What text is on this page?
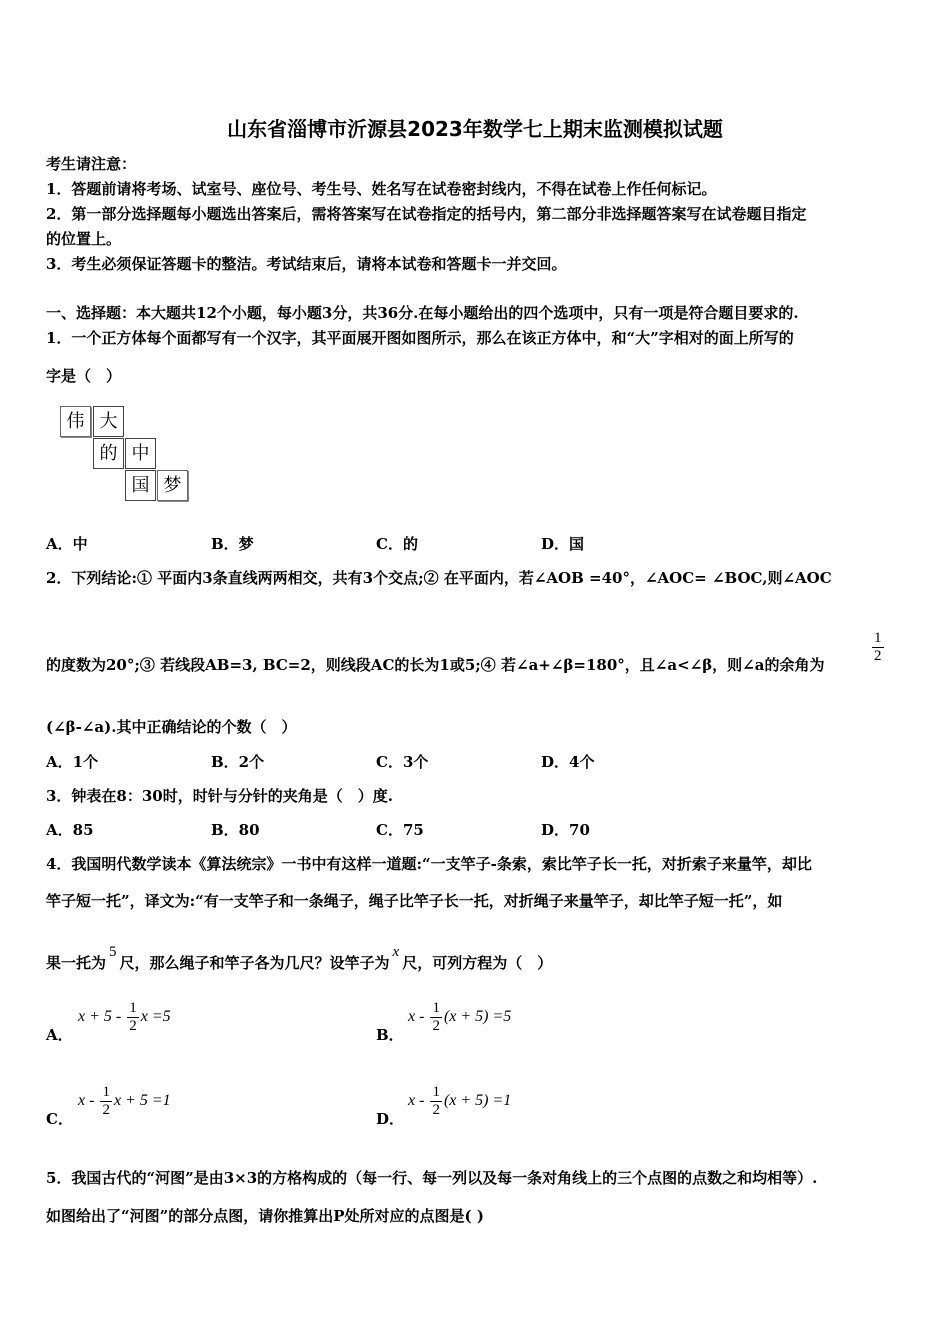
山东省淄博市沂源县2023年数学七上期末监测模拟试题
考生请注意：
1．答题前请将考场、试室号、座位号、考生号、姓名写在试卷密封线内，不得在试卷上作任何标记。
2．第一部分选择题每小题选出答案后，需将答案写在试卷指定的括号内，第二部分非选择题答案写在试卷题目指定
的位置上。
3．考生必须保证答题卡的整洁。考试结束后，请将本试卷和答题卡一并交回。
一、选择题：本大题共12个小题，每小题3分，共36分.在每小题给出的四个选项中，只有一项是符合题目要求的.
1．一个正方体每个面都写有一个汉字，其平面展开图如图所示，那么在该正方体中，和“大”字相对的面上所写的
字是（　）
伟 大
的 中
国 梦
A．中	B．梦	C．的	D．国
2．下列结论:① 平面内3条直线两两相交，共有3个交点;② 在平面内，若∠AOB =40°，∠AOC= ∠BOC,则∠AOC
的度数为20°;③ 若线段AB=3, BC=2，则线段AC的长为1或5;④ 若∠a+∠β=180°，且∠a<∠β，则∠a的余角为	$\frac{1}{2}$
(∠β-∠a).其中正确结论的个数（　）
A．1个	B．2个	C．3个	D．4个
3．钟表在8：30时，时针与分针的夹角是（　）度.
A．85	B．80	C．75	D．70
4．我国明代数学读本《算法统宗》一书中有这样一道题:“一支竿子-条索，索比竿子长一托，对折索子来量竿，却比
竿子短一托”，译文为:“有一支竿子和一条绳子，绳子比竿子长一托，对折绳子来量竿子，却比竿子短一托”，如
果一托为5尺，那么绳子和竿子各为几尺？设竿子为x尺，可列方程为（　）
A．
$x + 5 - \frac{1}{2}$ x =5
B．
$x - \frac{1}{2} (x + 5) =5$
C．
x - $\frac{1}{2}$ x + 5 =1
D．
$x - \frac{1}{2} (x + 5) =1$
5．我国古代的“河图”是由3×3的方格构成的（每一行、每一列以及每一条对角线上的三个点图的点数之和均相等）.
如图给出了“河图”的部分点图，请你推算出P处所对应的点图是( )
